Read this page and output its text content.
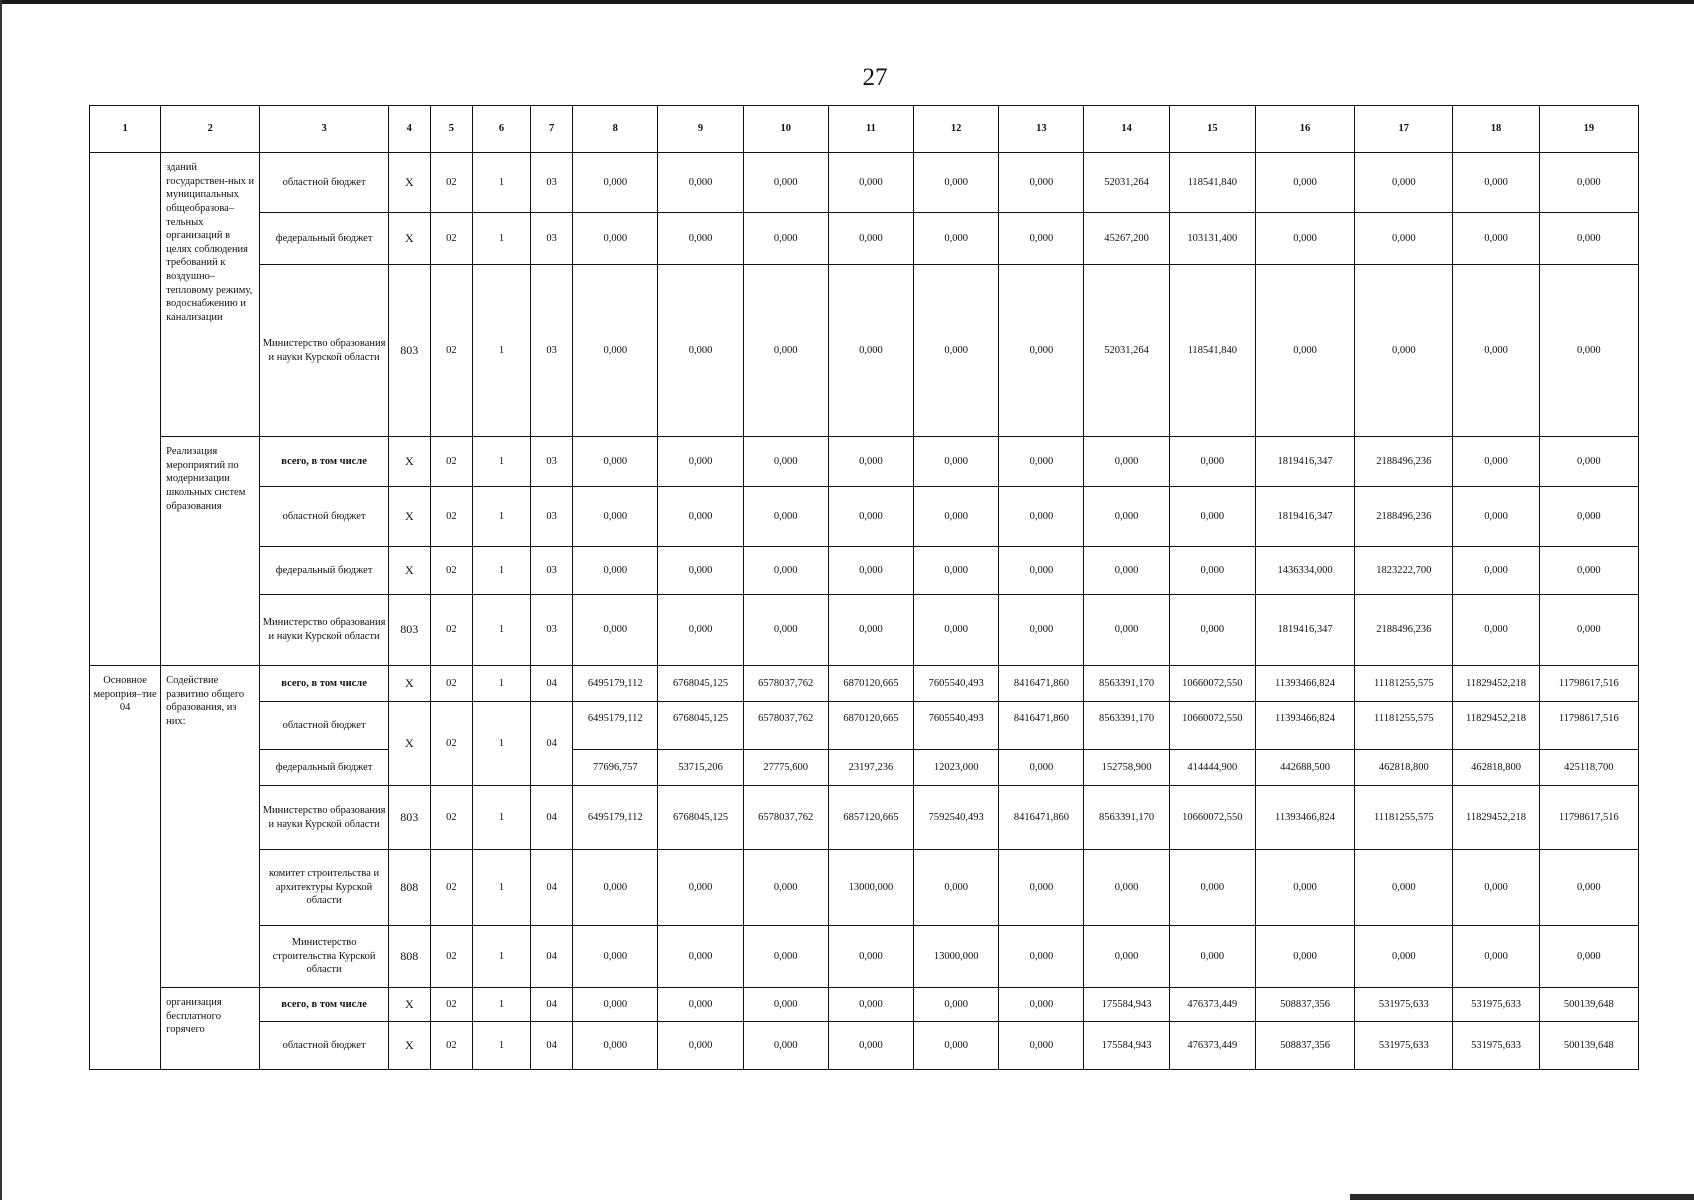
27
1	2	3	4	5	6	7	8	9	10	11	12	13	14	15	16	17	18	19
	зданий государствен-ных и муниципальных общеобразова–тельных организаций в целях соблюдения требований к воздушно–тепловому режиму, водоснабжению и канализации	областной бюджет	X	02	1	03	0,000	0,000	0,000	0,000	0,000	0,000	52031,264	118541,840	0,000	0,000	0,000	0,000
		федеральный бюджет	X	02	1	03	0,000	0,000	0,000	0,000	0,000	0,000	45267,200	103131,400	0,000	0,000	0,000	0,000
		Министерство образования и науки Курской области	803	02	1	03	0,000	0,000	0,000	0,000	0,000	0,000	52031,264	118541,840	0,000	0,000	0,000	0,000
	Реализация мероприятий по модернизации школьных систем образования	всего, в том числе	X	02	1	03	0,000	0,000	0,000	0,000	0,000	0,000	0,000	0,000	1819416,347	2188496,236	0,000	0,000
		областной бюджет	X	02	1	03	0,000	0,000	0,000	0,000	0,000	0,000	0,000	0,000	1819416,347	2188496,236	0,000	0,000
		федеральный бюджет	X	02	1	03	0,000	0,000	0,000	0,000	0,000	0,000	0,000	0,000	1436334,000	1823222,700	0,000	0,000
		Министерство образования и науки Курской области	803	02	1	03	0,000	0,000	0,000	0,000	0,000	0,000	0,000	0,000	1819416,347	2188496,236	0,000	0,000
Основное мероприя–тие 04	Содействие развитию общего образования, из них:	всего, в том числе	X	02	1	04	6495179,112	6768045,125	6578037,762	6870120,665	7605540,493	8416471,860	8563391,170	10660072,550	11393466,824	11181255,575	11829452,218	11798617,516
		областной бюджет	X	02	1	04	6495179,112	6768045,125	6578037,762	6870120,665	7605540,493	8416471,860	8563391,170	10660072,550	11393466,824	11181255,575	11829452,218	11798617,516
		федеральный бюджет					77696,757	53715,206	27775,600	23197,236	12023,000	0,000	152758,900	414444,900	442688,500	462818,800	462818,800	425118,700
		Министерство образования и науки Курской области	803	02	1	04	6495179,112	6768045,125	6578037,762	6857120,665	7592540,493	8416471,860	8563391,170	10660072,550	11393466,824	11181255,575	11829452,218	11798617,516
		комитет строительства и архитектуры Курской области	808	02	1	04	0,000	0,000	0,000	13000,000	0,000	0,000	0,000	0,000	0,000	0,000	0,000	0,000
		Министерство строительства Курской области	808	02	1	04	0,000	0,000	0,000	0,000	13000,000	0,000	0,000	0,000	0,000	0,000	0,000	0,000
	организация бесплатного горячего	всего, в том числе	X	02	1	04	0,000	0,000	0,000	0,000	0,000	0,000	175584,943	476373,449	508837,356	531975,633	531975,633	500139,648
		областной бюджет	X	02	1	04	0,000	0,000	0,000	0,000	0,000	0,000	175584,943	476373,449	508837,356	531975,633	531975,633	500139,648
